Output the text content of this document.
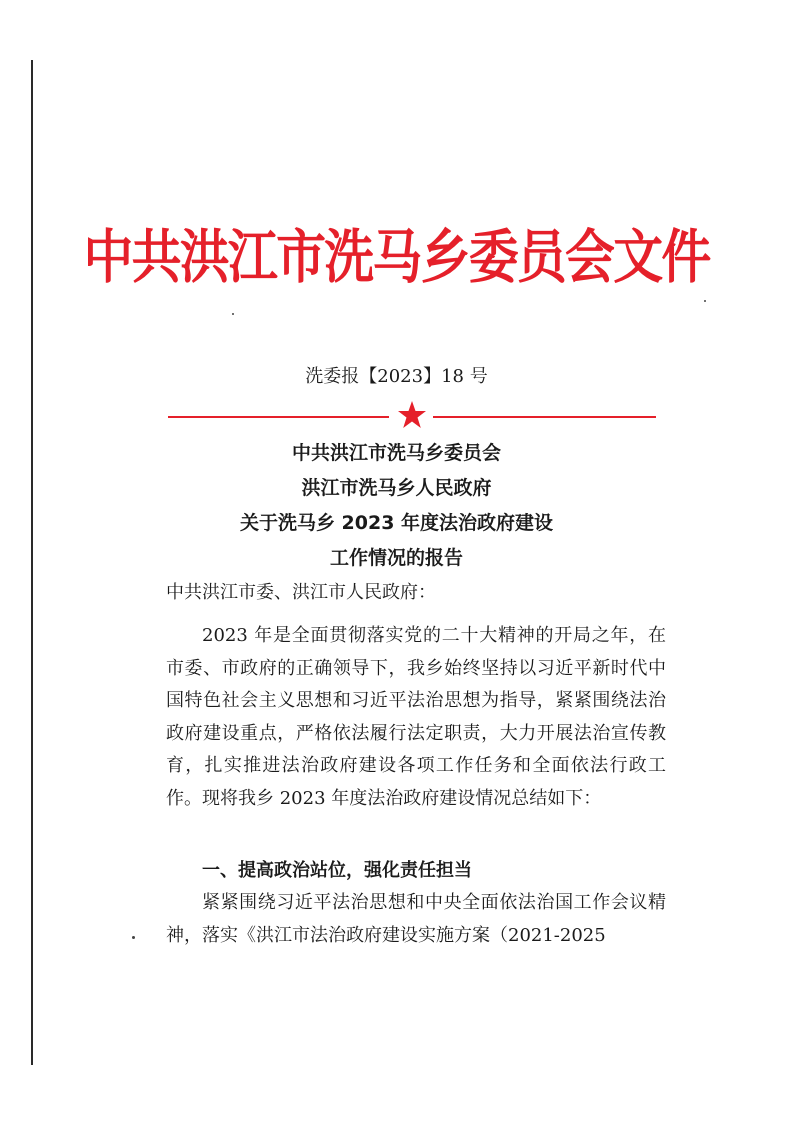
中共洪江市洗马乡委员会文件
洗委报【2023】18 号
中共洪江市洗马乡委员会
洪江市洗马乡人民政府
关于洗马乡 2023 年度法治政府建设
工作情况的报告
中共洪江市委、洪江市人民政府：
2023 年是全面贯彻落实党的二十大精神的开局之年，在市委、市政府的正确领导下，我乡始终坚持以习近平新时代中国特色社会主义思想和习近平法治思想为指导，紧紧围绕法治政府建设重点，严格依法履行法定职责，大力开展法治宣传教育，扎实推进法治政府建设各项工作任务和全面依法行政工作。现将我乡 2023 年度法治政府建设情况总结如下：
一、提高政治站位，强化责任担当
紧紧围绕习近平法治思想和中央全面依法治国工作会议精神，落实《洪江市法治政府建设实施方案（2021-2025
